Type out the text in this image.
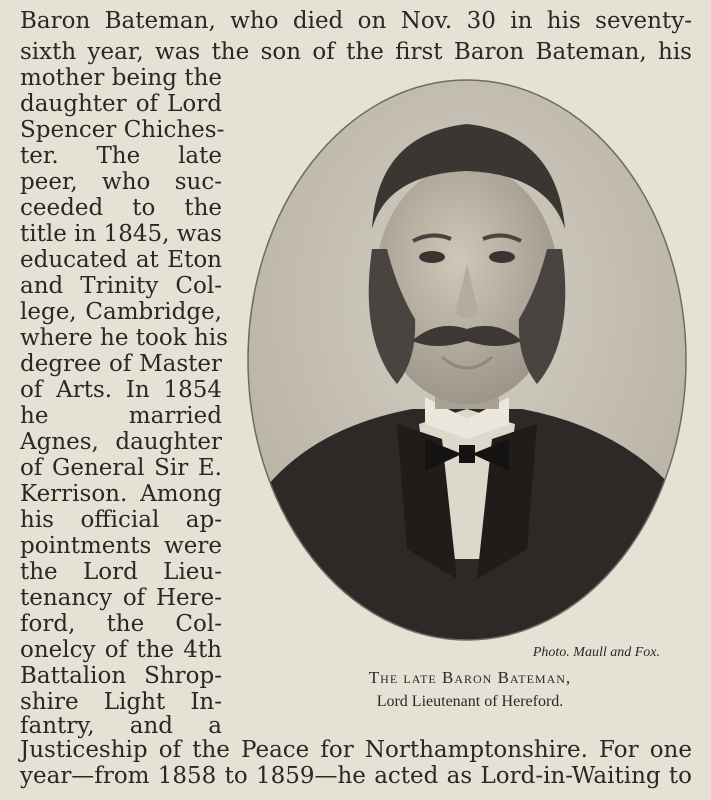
Baron Bateman, who died on Nov. 30 in his seventy-

sixth year, was the son of the first Baron Bateman, his

mother being the

daughter of Lord

Spencer Chiches-

ter. The late

peer, who suc-

ceeded to the

title in 1845, was

educated at Eton

and Trinity Col-

lege, Cambridge,

where he took his

degree of Master

of Arts. In 1854

he married

Agnes, daughter

of General Sir E.

Kerrison. Among

his official ap-

pointments were

the Lord Lieu-

tenancy of Here-

ford, the Col-

onelcy of the 4th

Battalion Shrop-

shire Light In-

fantry, and a

Justiceship of the Peace for Northamptonshire. For one

year—from 1858 to 1859—he acted as Lord-in-Waiting to

Photo. Maull and Fox.
The late Baron Bateman,
Lord Lieutenant of Hereford.
